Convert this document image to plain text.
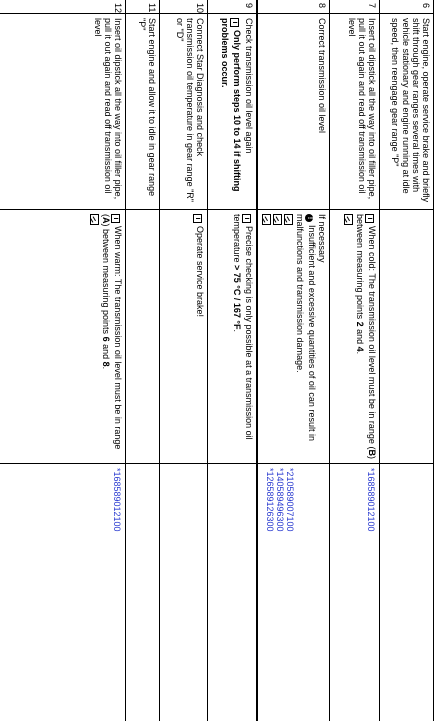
6
Start engine, operate service brake and briefly shift through gear ranges several times with vehicle stationary and engine running at idle speed, then reengage gear range "P"
7
Insert oil dipstick all the way into oil filler pipe, pull it out again and read off transmission oil level
iWhen cold: The transmission oil level must be in range (B) between measuring points 2 and 4.
*168589012100
8
Correct transmission oil level
If necessary
!Insufficient and excessive quantities of oil can result in malfunctions and transmission damage.
*210589007100
*140589496300
*126589126300
9
Check transmission oil level again
iOnly perform steps 10 to 14 if shifting problems occur.
iPrecise checking is only possible at a transmission oil temperature > 75 °C / 167 °F.
10
Connect Star Diagnosis and check transmission oil temperature in gear range "R" or "D"
iOperate service brake!
11
Start engine and allow it to idle in gear range "P"
12
Insert oil dipstick all the way into oil filler pipe, pull it out again and read off transmission oil level
iWhen warm: The transmission oil level must be in range (A) between measuring points 6 and 8.
*168589012100
